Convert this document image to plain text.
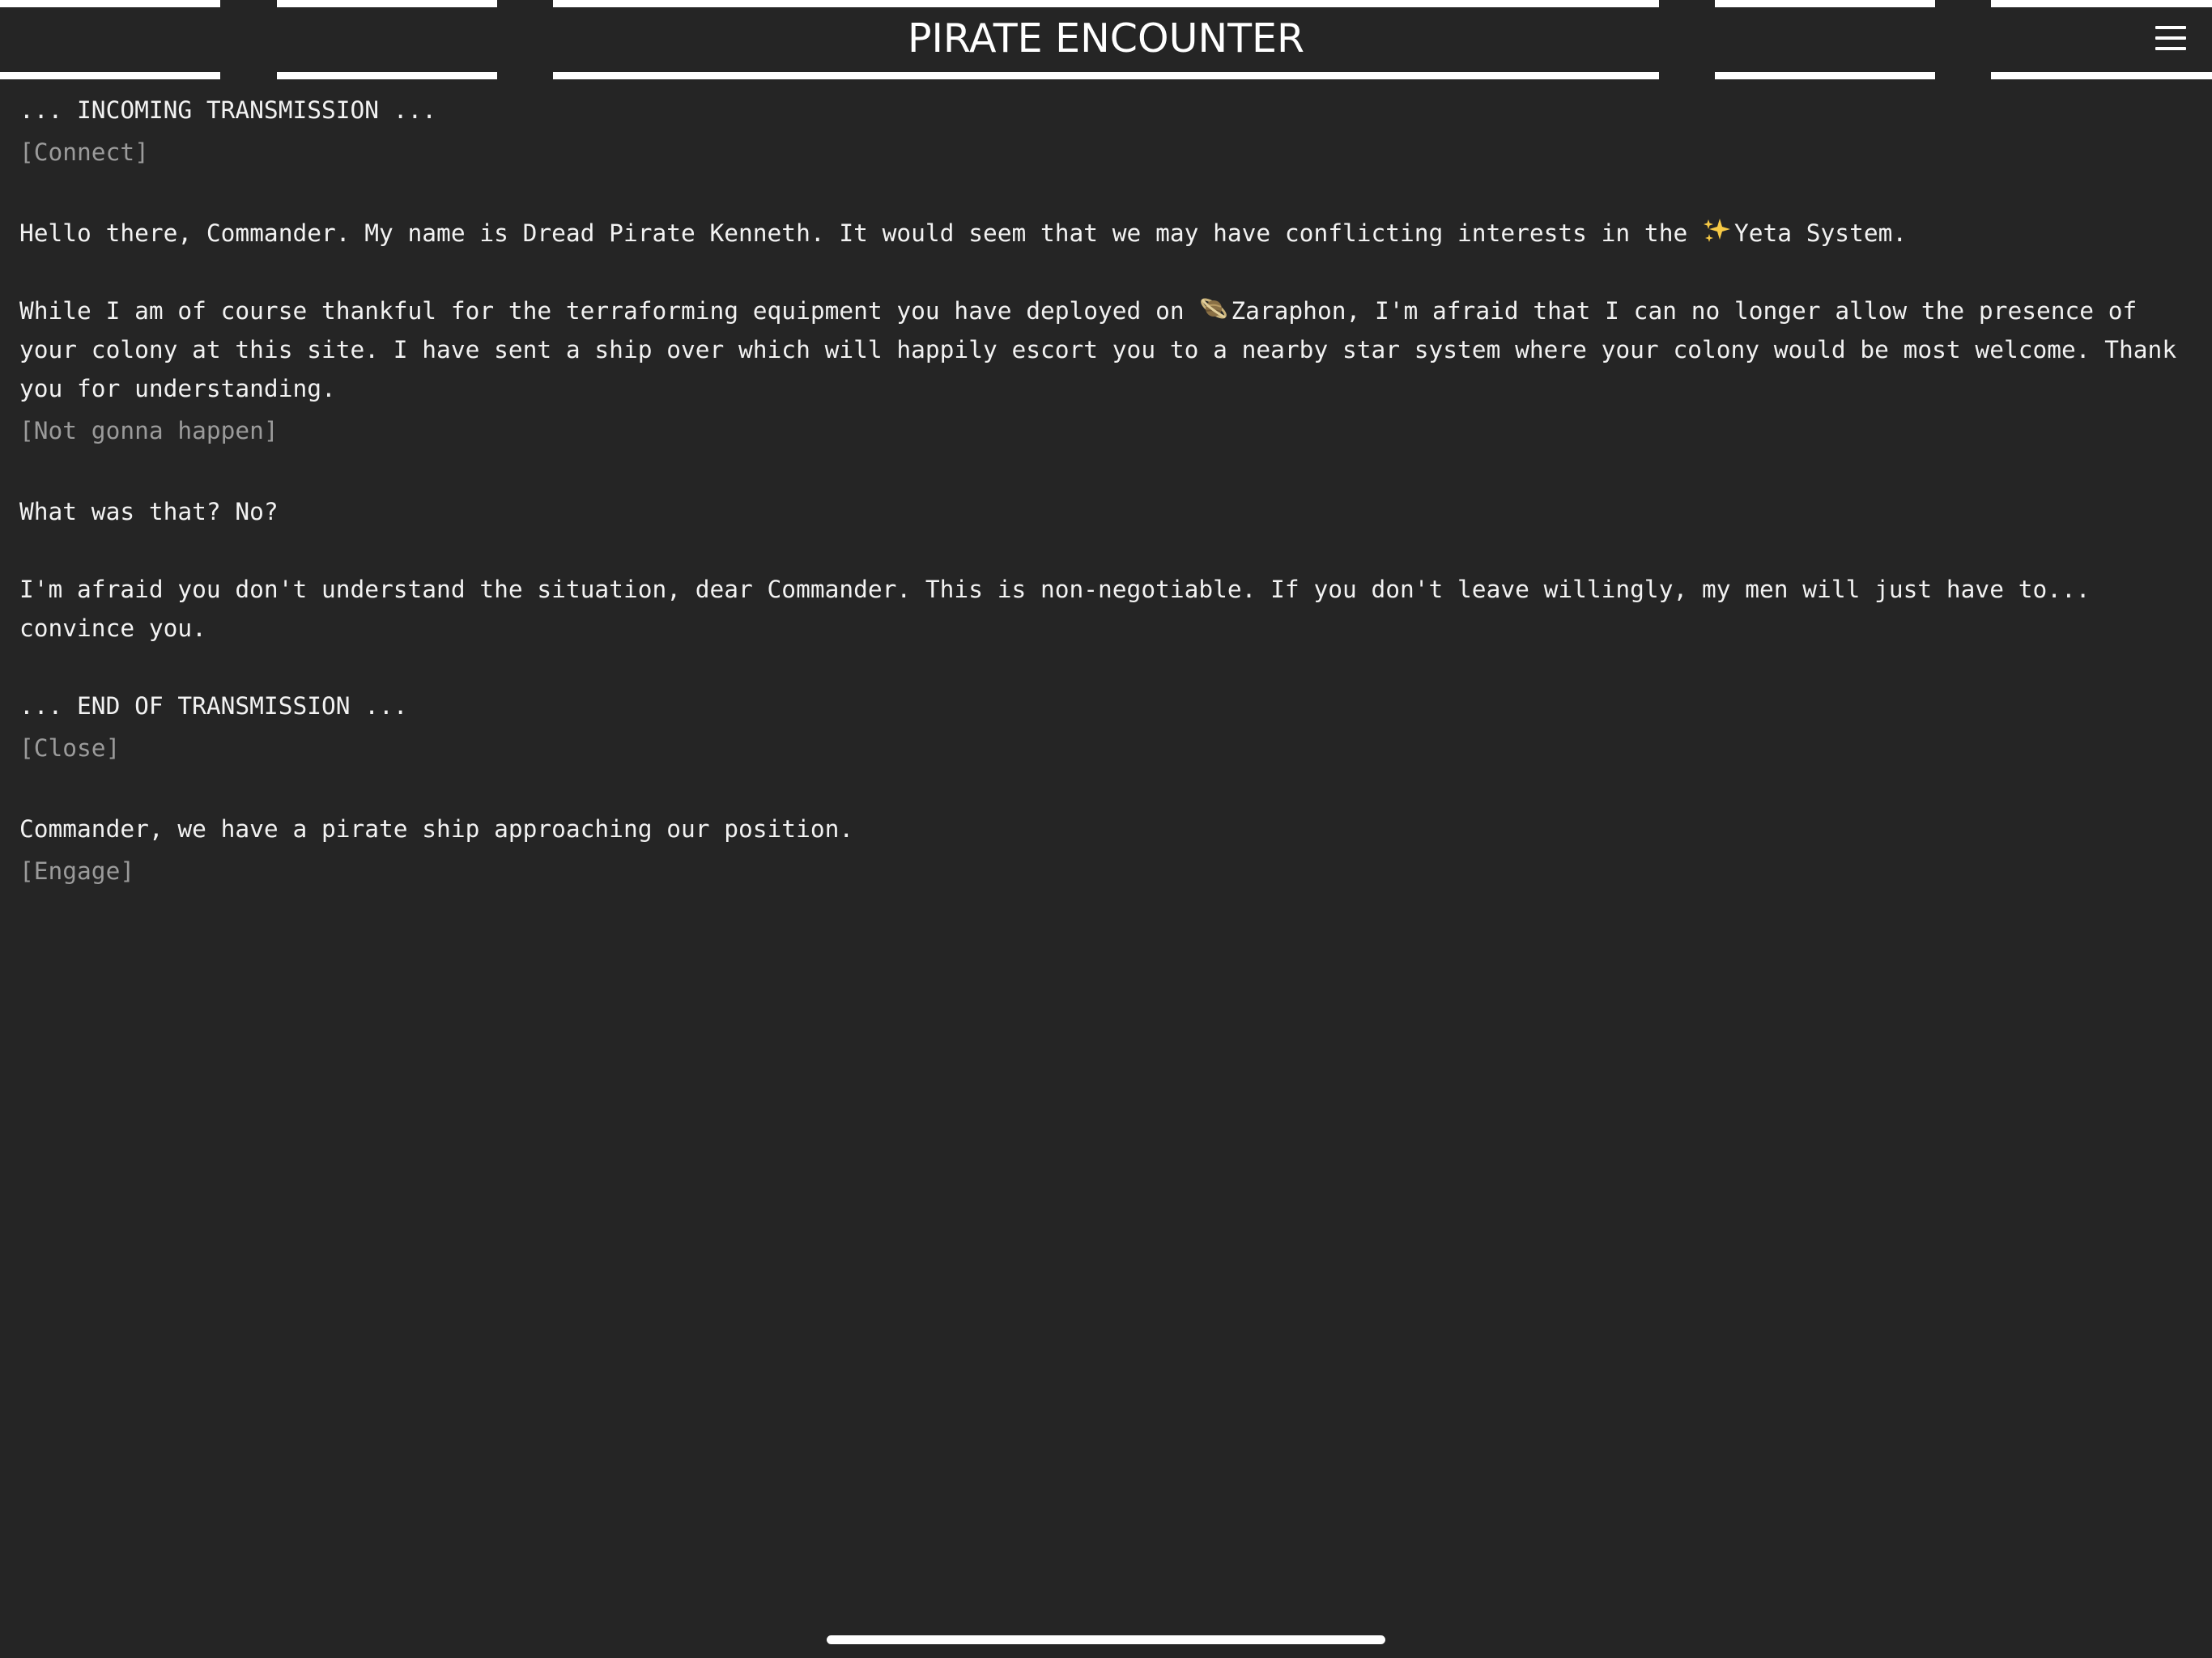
PIRATE ENCOUNTER

... INCOMING TRANSMISSION ...

[Connect]

Hello there, Commander. My name is Dread Pirate Kenneth. It would seem that we may have conflicting interests in the Yeta System.

While I am of course thankful for the terraforming equipment you have deployed on Zaraphon, I'm afraid that I can no longer allow the presence of your colony at this site. I have sent a ship over which will happily escort you to a nearby star system where your colony would be most welcome. Thank you for understanding.

[Not gonna happen]

What was that? No?

I'm afraid you don't understand the situation, dear Commander. This is non-negotiable. If you don't leave willingly, my men will just have to... convince you.

... END OF TRANSMISSION ...

[Close]

Commander, we have a pirate ship approaching our position.

[Engage]
